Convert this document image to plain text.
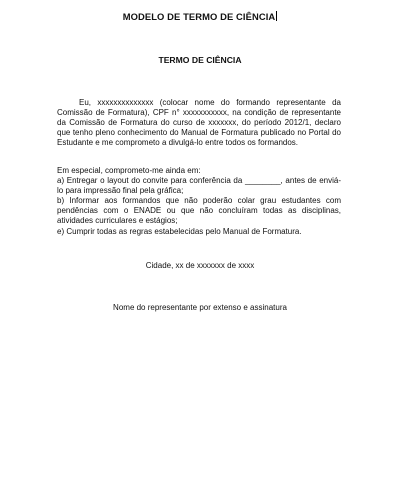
MODELO DE TERMO DE CIÊNCIA
TERMO DE CIÊNCIA

Eu, xxxxxxxxxxxxxx (colocar nome do formando representante da Comissão de Formatura), CPF n° xxxxxxxxxxx, na condição de representante da Comissão de Formatura do curso de xxxxxxx, do período 2012/1, declaro que tenho pleno conhecimento do Manual de Formatura publicado no Portal do Estudante e me comprometo a divulgá-lo entre todos os formandos.

Em especial, comprometo-me ainda em:
a) Entregar o layout do convite para conferência da ________, antes de enviá-lo para impressão final pela gráfica;
b) Informar aos formandos que não poderão colar grau estudantes com pendências com o ENADE ou que não concluíram todas as disciplinas, atividades curriculares e estágios;
e) Cumprir todas as regras estabelecidas pelo Manual de Formatura.
Cidade, xx de xxxxxxx de xxxx
Nome do representante por extenso e assinatura
